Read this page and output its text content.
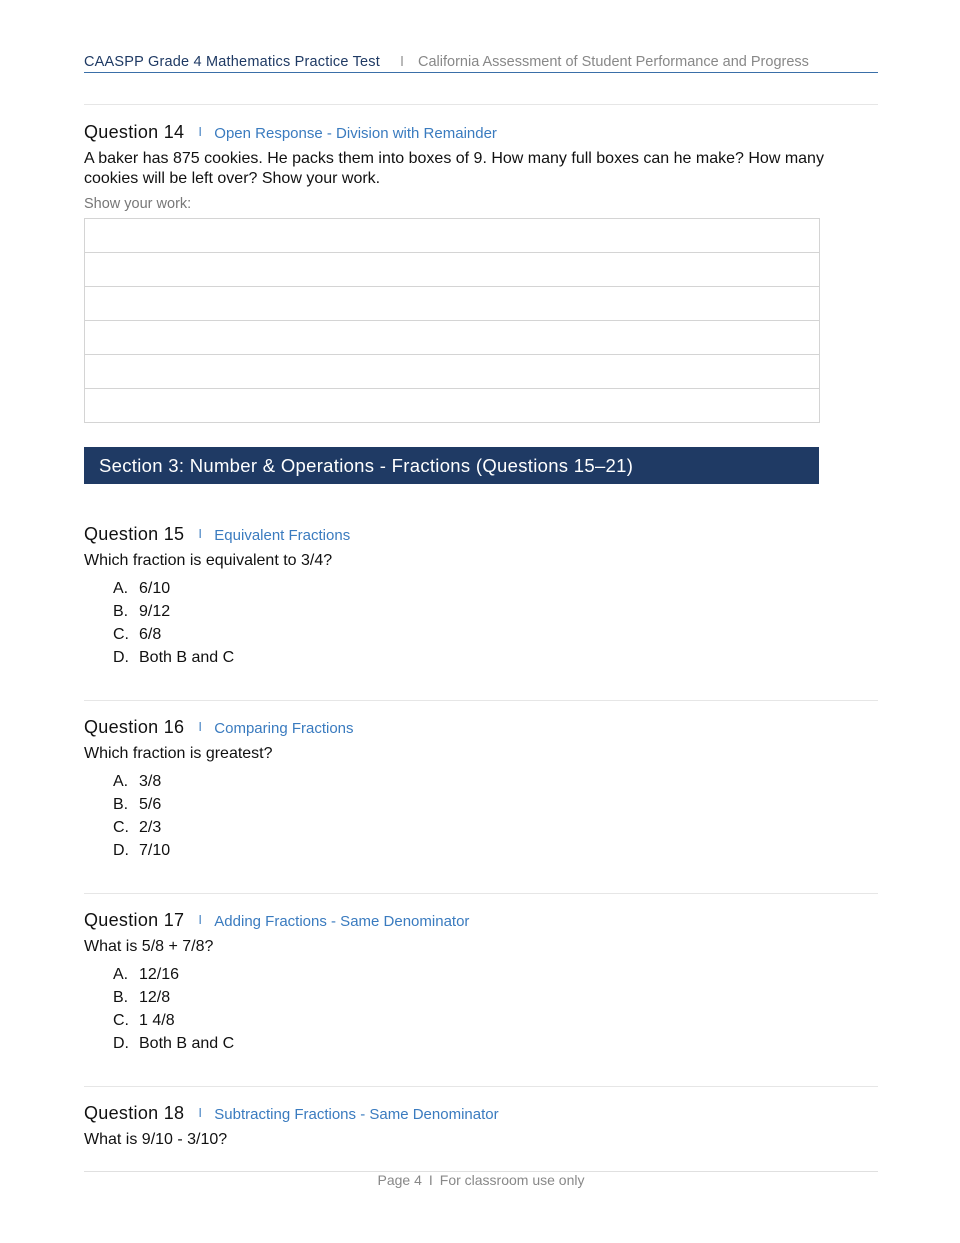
CAASPP Grade 4 Mathematics Practice Test I California Assessment of Student Performance and Progress
Question 14 I Open Response - Division with Remainder
A baker has 875 cookies. He packs them into boxes of 9. How many full boxes can he make? How many cookies will be left over? Show your work.
Show your work:
Section 3: Number & Operations - Fractions (Questions 15–21)
Question 15 I Equivalent Fractions
Which fraction is equivalent to 3/4?
A. 6/10
B. 9/12
C. 6/8
D. Both B and C
Question 16 I Comparing Fractions
Which fraction is greatest?
A. 3/8
B. 5/6
C. 2/3
D. 7/10
Question 17 I Adding Fractions - Same Denominator
What is 5/8 + 7/8?
A. 12/16
B. 12/8
C. 1 4/8
D. Both B and C
Question 18 I Subtracting Fractions - Same Denominator
What is 9/10 - 3/10?
Page 4 I For classroom use only
